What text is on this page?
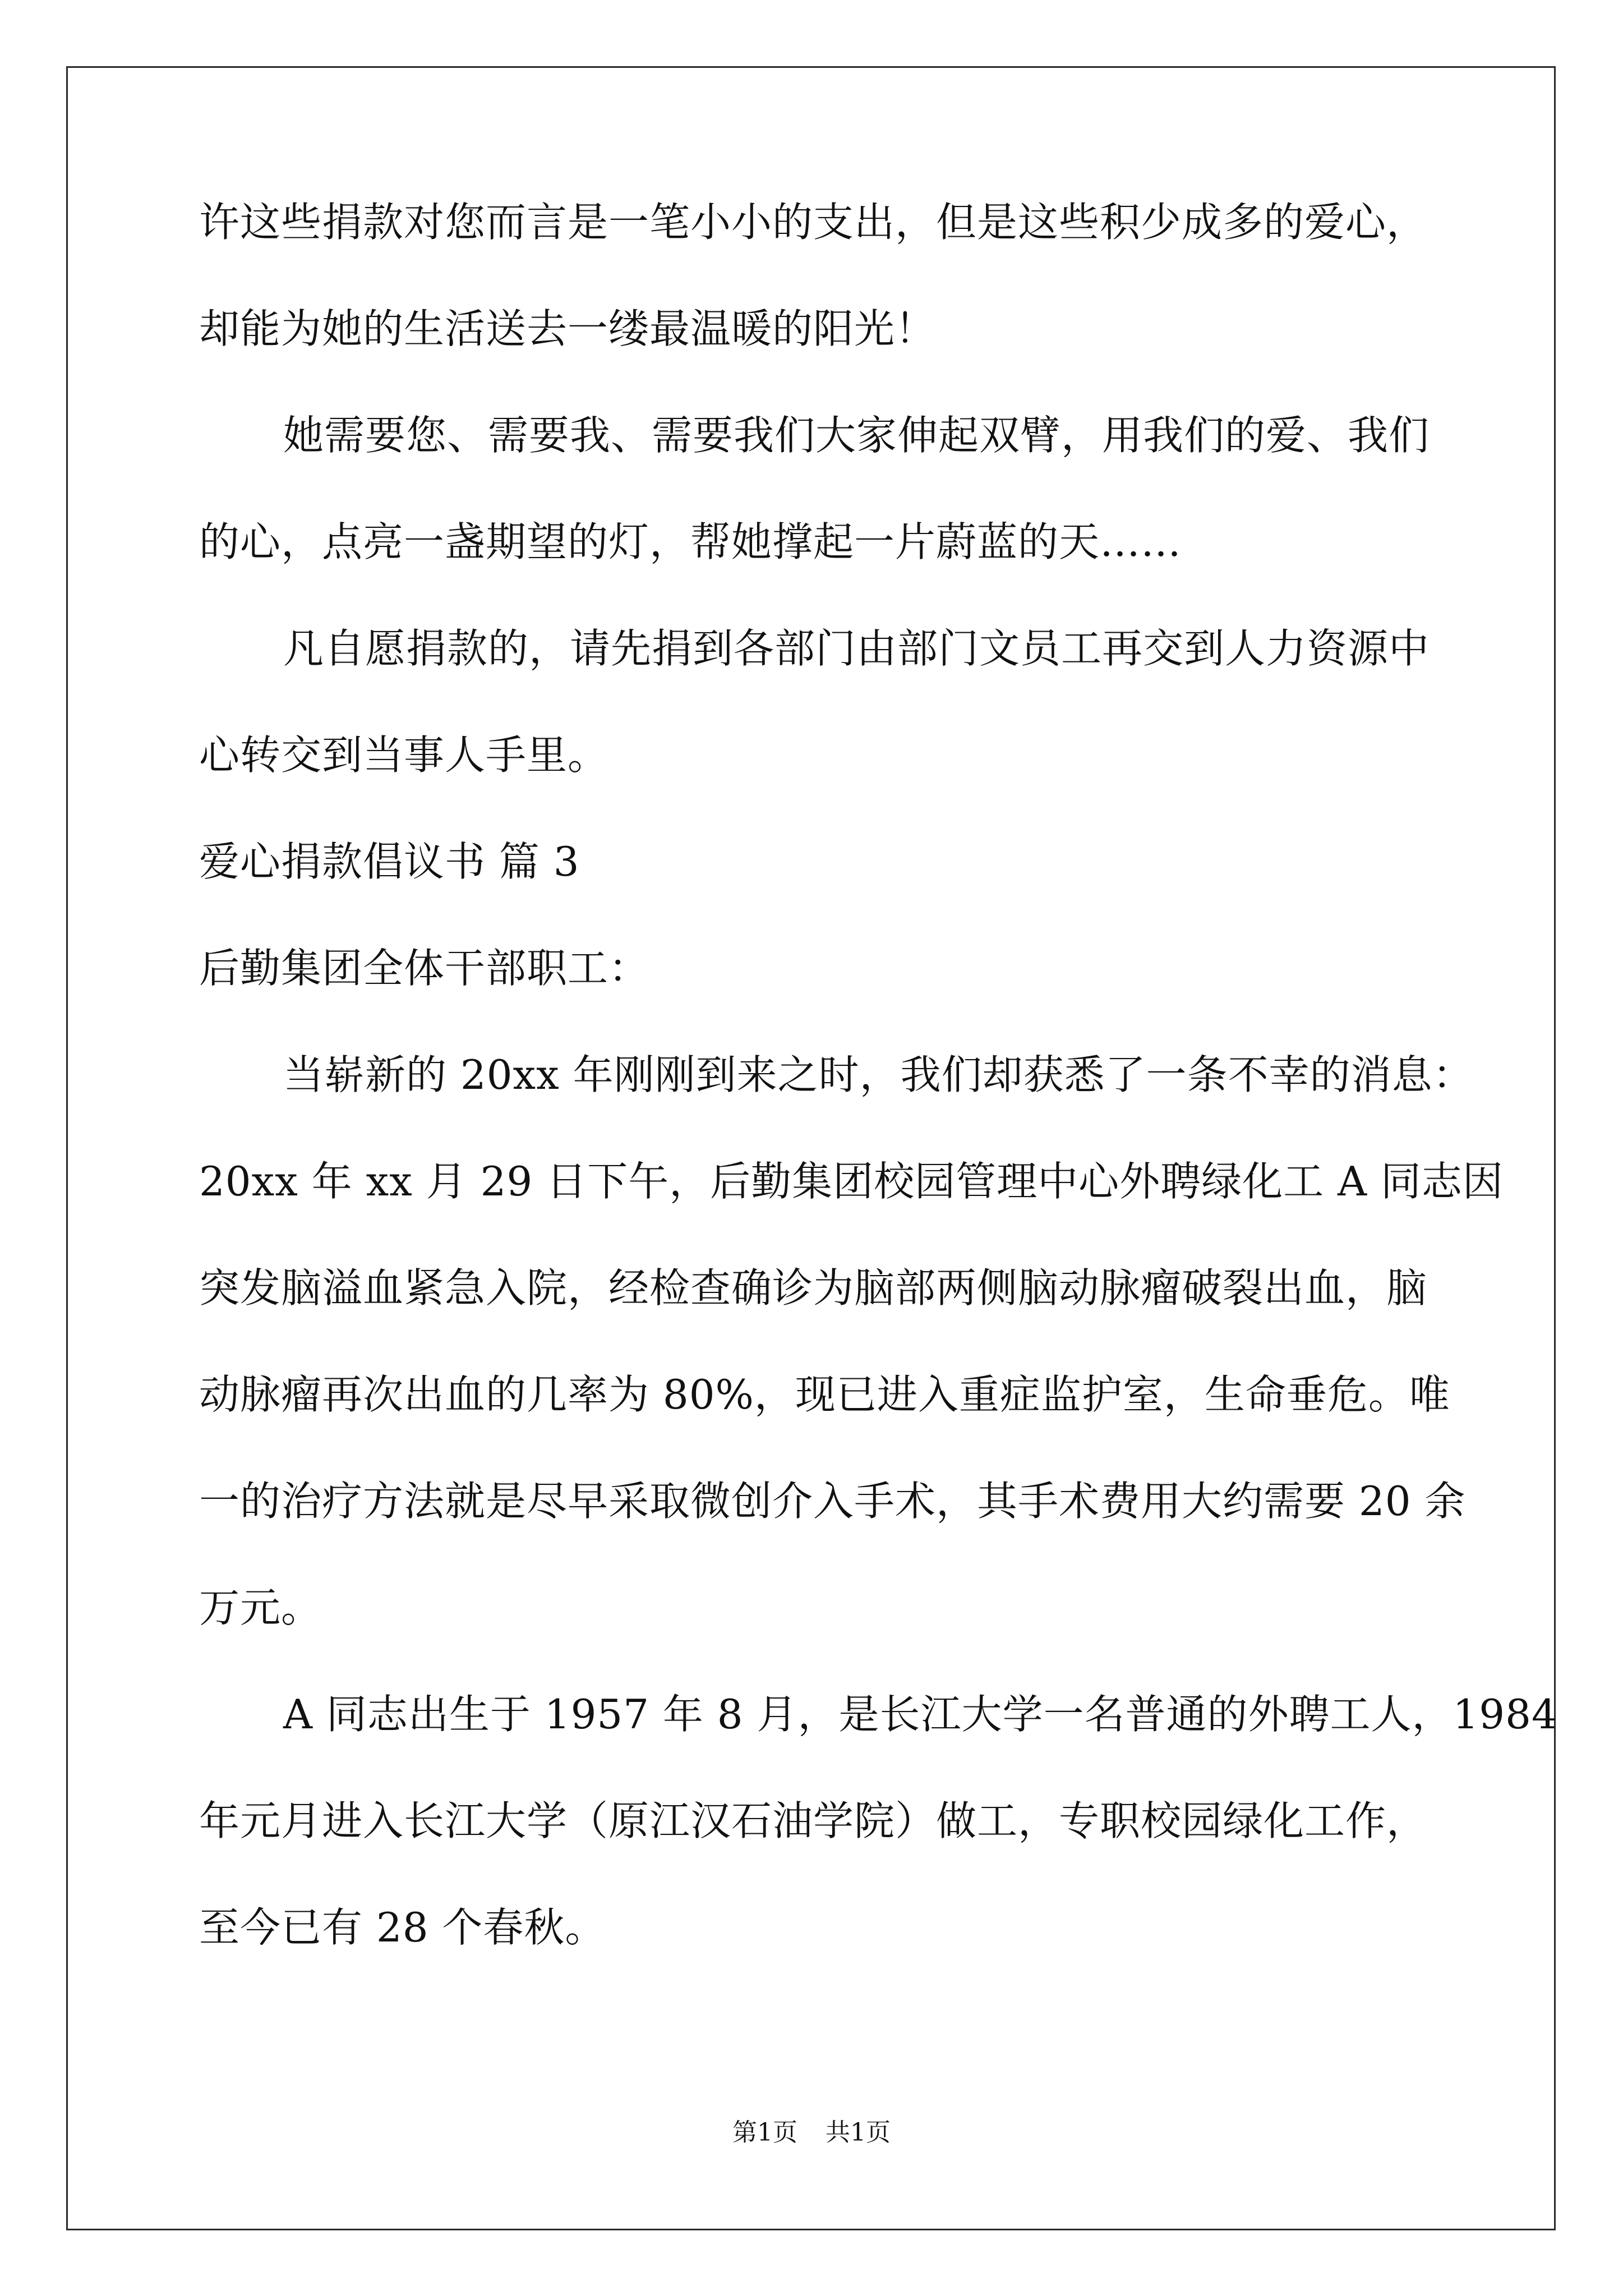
许这些捐款对您而言是一笔小小的支出，但是这些积少成多的爱心，
却能为她的生活送去一缕最温暖的阳光！
她需要您、需要我、需要我们大家伸起双臂，用我们的爱、我们
的心，点亮一盏期望的灯，帮她撑起一片蔚蓝的天……
凡自愿捐款的，请先捐到各部门由部门文员工再交到人力资源中
心转交到当事人手里。
爱心捐款倡议书 篇 3
后勤集团全体干部职工：
当崭新的 20xx 年刚刚到来之时，我们却获悉了一条不幸的消息：
20xx 年 xx 月 29 日下午，后勤集团校园管理中心外聘绿化工 A 同志因
突发脑溢血紧急入院，经检查确诊为脑部两侧脑动脉瘤破裂出血，脑
动脉瘤再次出血的几率为 80%，现已进入重症监护室，生命垂危。唯
一的治疗方法就是尽早采取微创介入手术，其手术费用大约需要 20 余
万元。
A 同志出生于 1957 年 8 月，是长江大学一名普通的外聘工人，1984
年元月进入长江大学（原江汉石油学院）做工，专职校园绿化工作，
至今已有 28 个春秋。
第1页 共1页
